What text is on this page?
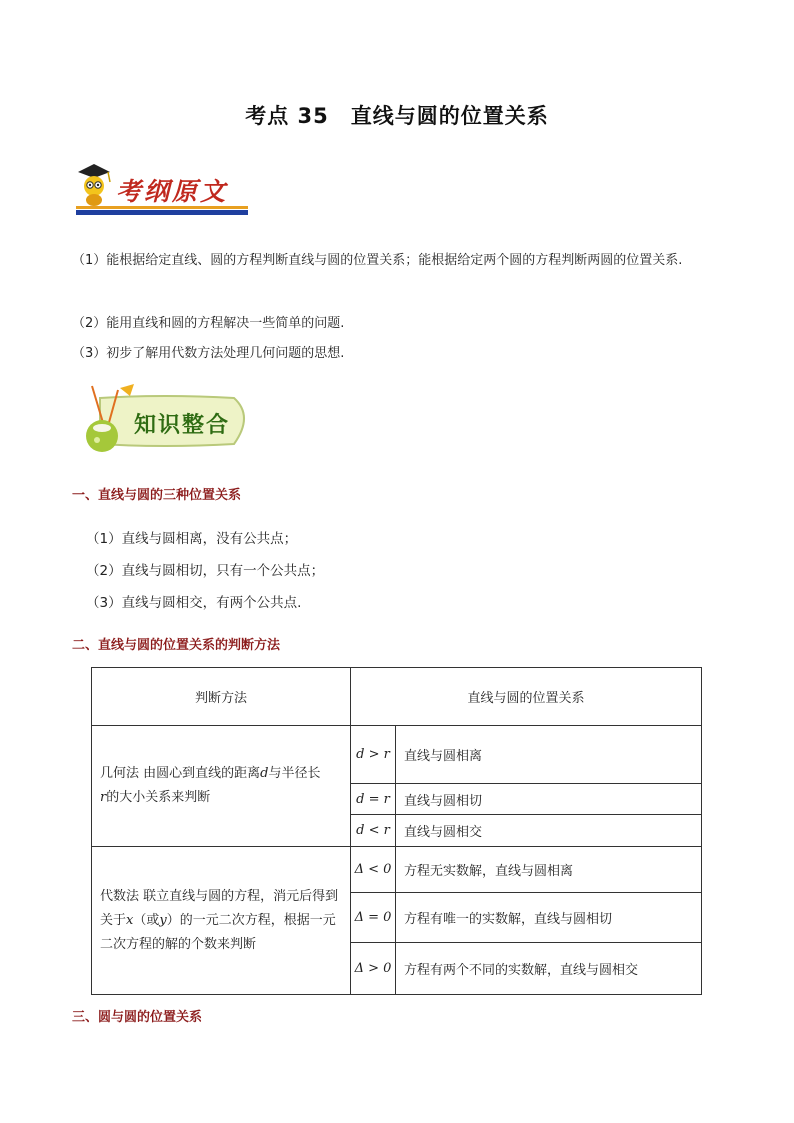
考点 35　直线与圆的位置关系
考纲原文
（1）能根据给定直线、圆的方程判断直线与圆的位置关系；能根据给定两个圆的方程判断两圆的位置关系.
（2）能用直线和圆的方程解决一些简单的问题.
（3）初步了解用代数方法处理几何问题的思想.
知识整合
一、直线与圆的三种位置关系
（1）直线与圆相离，没有公共点；
（2）直线与圆相切，只有一个公共点；
（3）直线与圆相交，有两个公共点.
二、直线与圆的位置关系的判断方法
判断方法	直线与圆的位置关系	
几何法 由圆心到直线的距离d与半径长
r的大小关系来判断	d > r	直线与圆相离
	d = r	直线与圆相切
	d < r	直线与圆相交
代数法 联立直线与圆的方程，消元后得到关于x（或y）的一元二次方程，根据一元二次方程的解的个数来判断	Δ < 0	方程无实数解，直线与圆相离
	Δ = 0	方程有唯一的实数解，直线与圆相切
	Δ > 0	方程有两个不同的实数解，直线与圆相交
三、圆与圆的位置关系
